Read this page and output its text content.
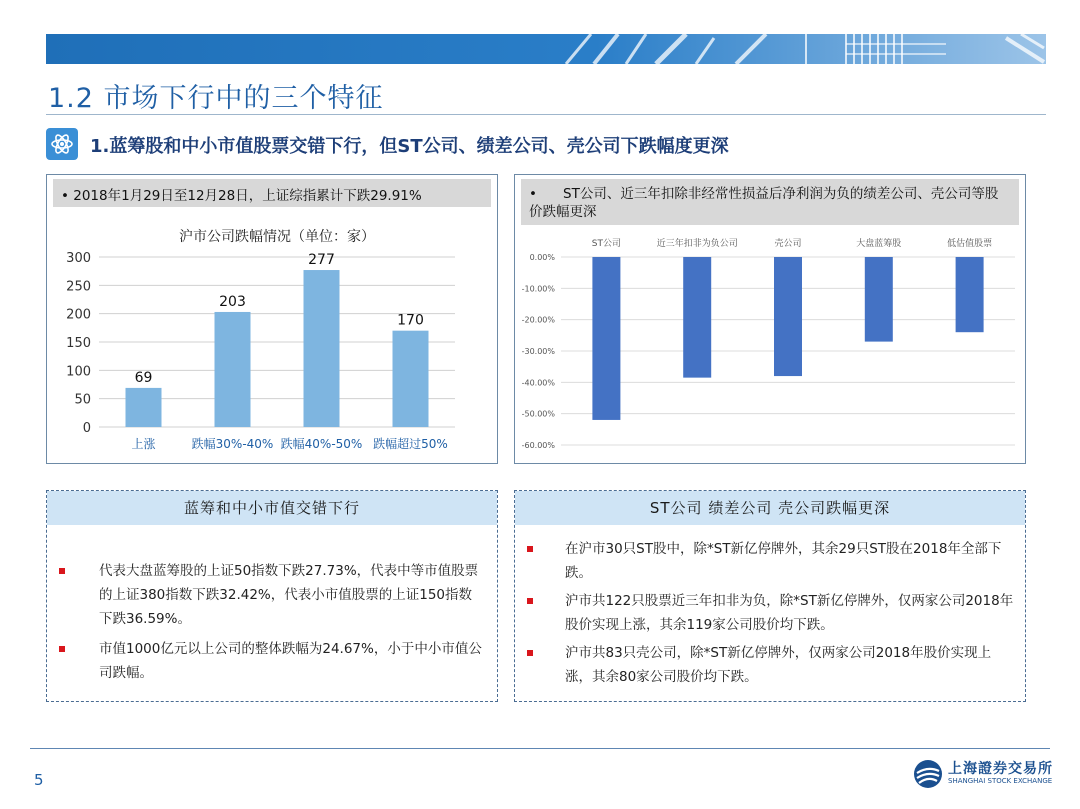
1.2 市场下行中的三个特征
1.蓝筹股和中小市值股票交错下行，但ST公司、绩差公司、壳公司下跌幅度更深
• 2018年1月29日至12月28日，上证综指累计下跌29.91%
沪市公司跌幅情况（单位：家）
0
50
100
150
200
250
300
69
上涨
203
跌幅30%-40%
277
跌幅40%-50%
170
跌幅超过50%
• ST公司、近三年扣除非经常性损益后净利润为负的绩差公司、壳公司等股价跌幅更深
0.00%
-10.00%
-20.00%
-30.00%
-40.00%
-50.00%
-60.00%
ST公司	近三年扣非为负公司	壳公司	大盘蓝筹股	低估值股票
蓝筹和中小市值交错下行
代表大盘蓝筹股的上证50指数下跌27.73%，代表中等市值股票的上证380指数下跌32.42%，代表小市值股票的上证150指数下跌36.59%。
市值1000亿元以上公司的整体跌幅为24.67%，小于中小市值公司跌幅。
ST公司 绩差公司 壳公司跌幅更深
在沪市30只ST股中，除*ST新亿停牌外，其余29只ST股在2018年全部下跌。
沪市共122只股票近三年扣非为负，除*ST新亿停牌外，仅两家公司2018年股价实现上涨，其余119家公司股价均下跌。
沪市共83只壳公司，除*ST新亿停牌外，仅两家公司2018年股价实现上涨，其余80家公司股价均下跌。
5
上海證券交易所
SHANGHAI STOCK EXCHANGE
